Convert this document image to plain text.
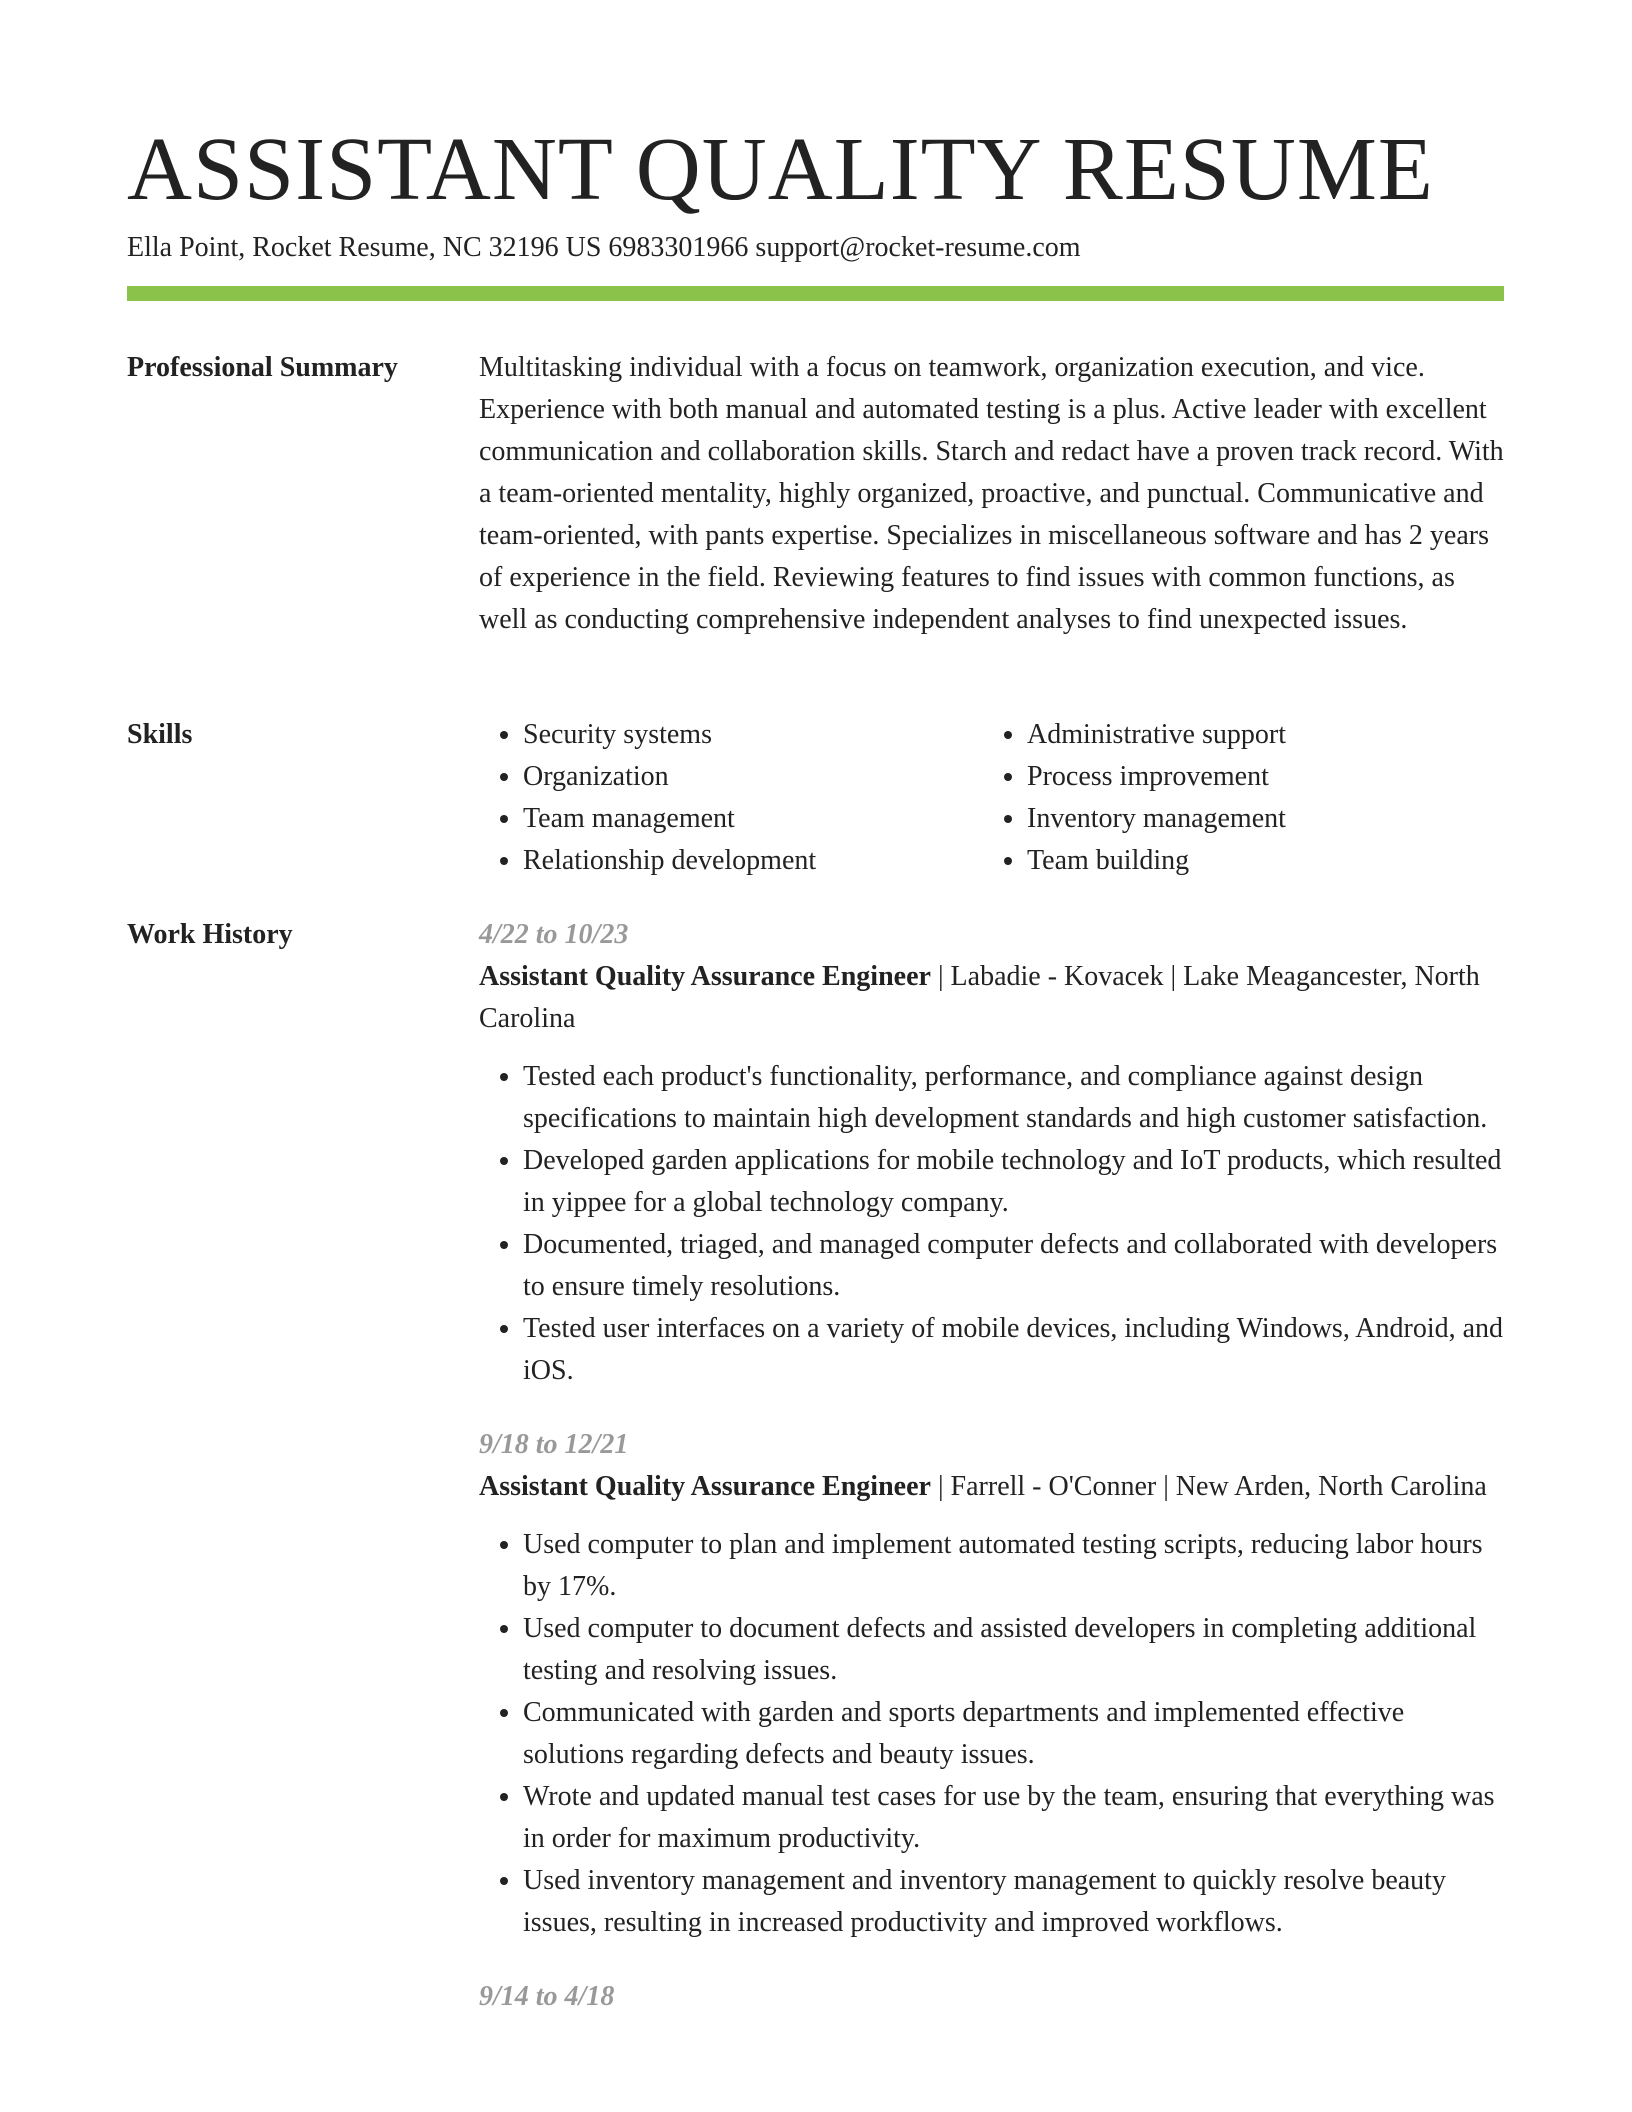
ASSISTANT QUALITY RESUME
Ella Point, Rocket Resume, NC 32196 US 6983301966 support@rocket-resume.com
Professional Summary	Multitasking individual with a focus on teamwork, organization execution, and vice. Experience with both manual and automated testing is a plus. Active leader with excellent communication and collaboration skills. Starch and redact have a proven track record. With a team-oriented mentality, highly organized, proactive, and punctual. Communicative and team-oriented, with pants expertise. Specializes in miscellaneous software and has 2 years of experience in the field. Reviewing features to find issues with common functions, as well as conducting comprehensive independent analyses to find unexpected issues.

Skills
•	Security systems
• Organization
• Team management
• Relationship development
• Administrative support
• Process improvement
• Inventory management
• Team building
Work History	4/22 to 10/23
Assistant Quality Assurance Engineer | Labadie - Kovacek | Lake Meagancester, North Carolina
• Tested each product's functionality, performance, and compliance against design specifications to maintain high development standards and high customer satisfaction.
• Developed garden applications for mobile technology and IoT products, which resulted in yippee for a global technology company.
• Documented, triaged, and managed computer defects and collaborated with developers to ensure timely resolutions.
• Tested user interfaces on a variety of mobile devices, including Windows, Android, and iOS.
9/18 to 12/21
Assistant Quality Assurance Engineer | Farrell - O'Conner | New Arden, North Carolina
• Used computer to plan and implement automated testing scripts, reducing labor hours by 17%.
• Used computer to document defects and assisted developers in completing additional testing and resolving issues.
• Communicated with garden and sports departments and implemented effective solutions regarding defects and beauty issues.
• Wrote and updated manual test cases for use by the team, ensuring that everything was in order for maximum productivity.
• Used inventory management and inventory management to quickly resolve beauty issues, resulting in increased productivity and improved workflows.
9/14 to 4/18
